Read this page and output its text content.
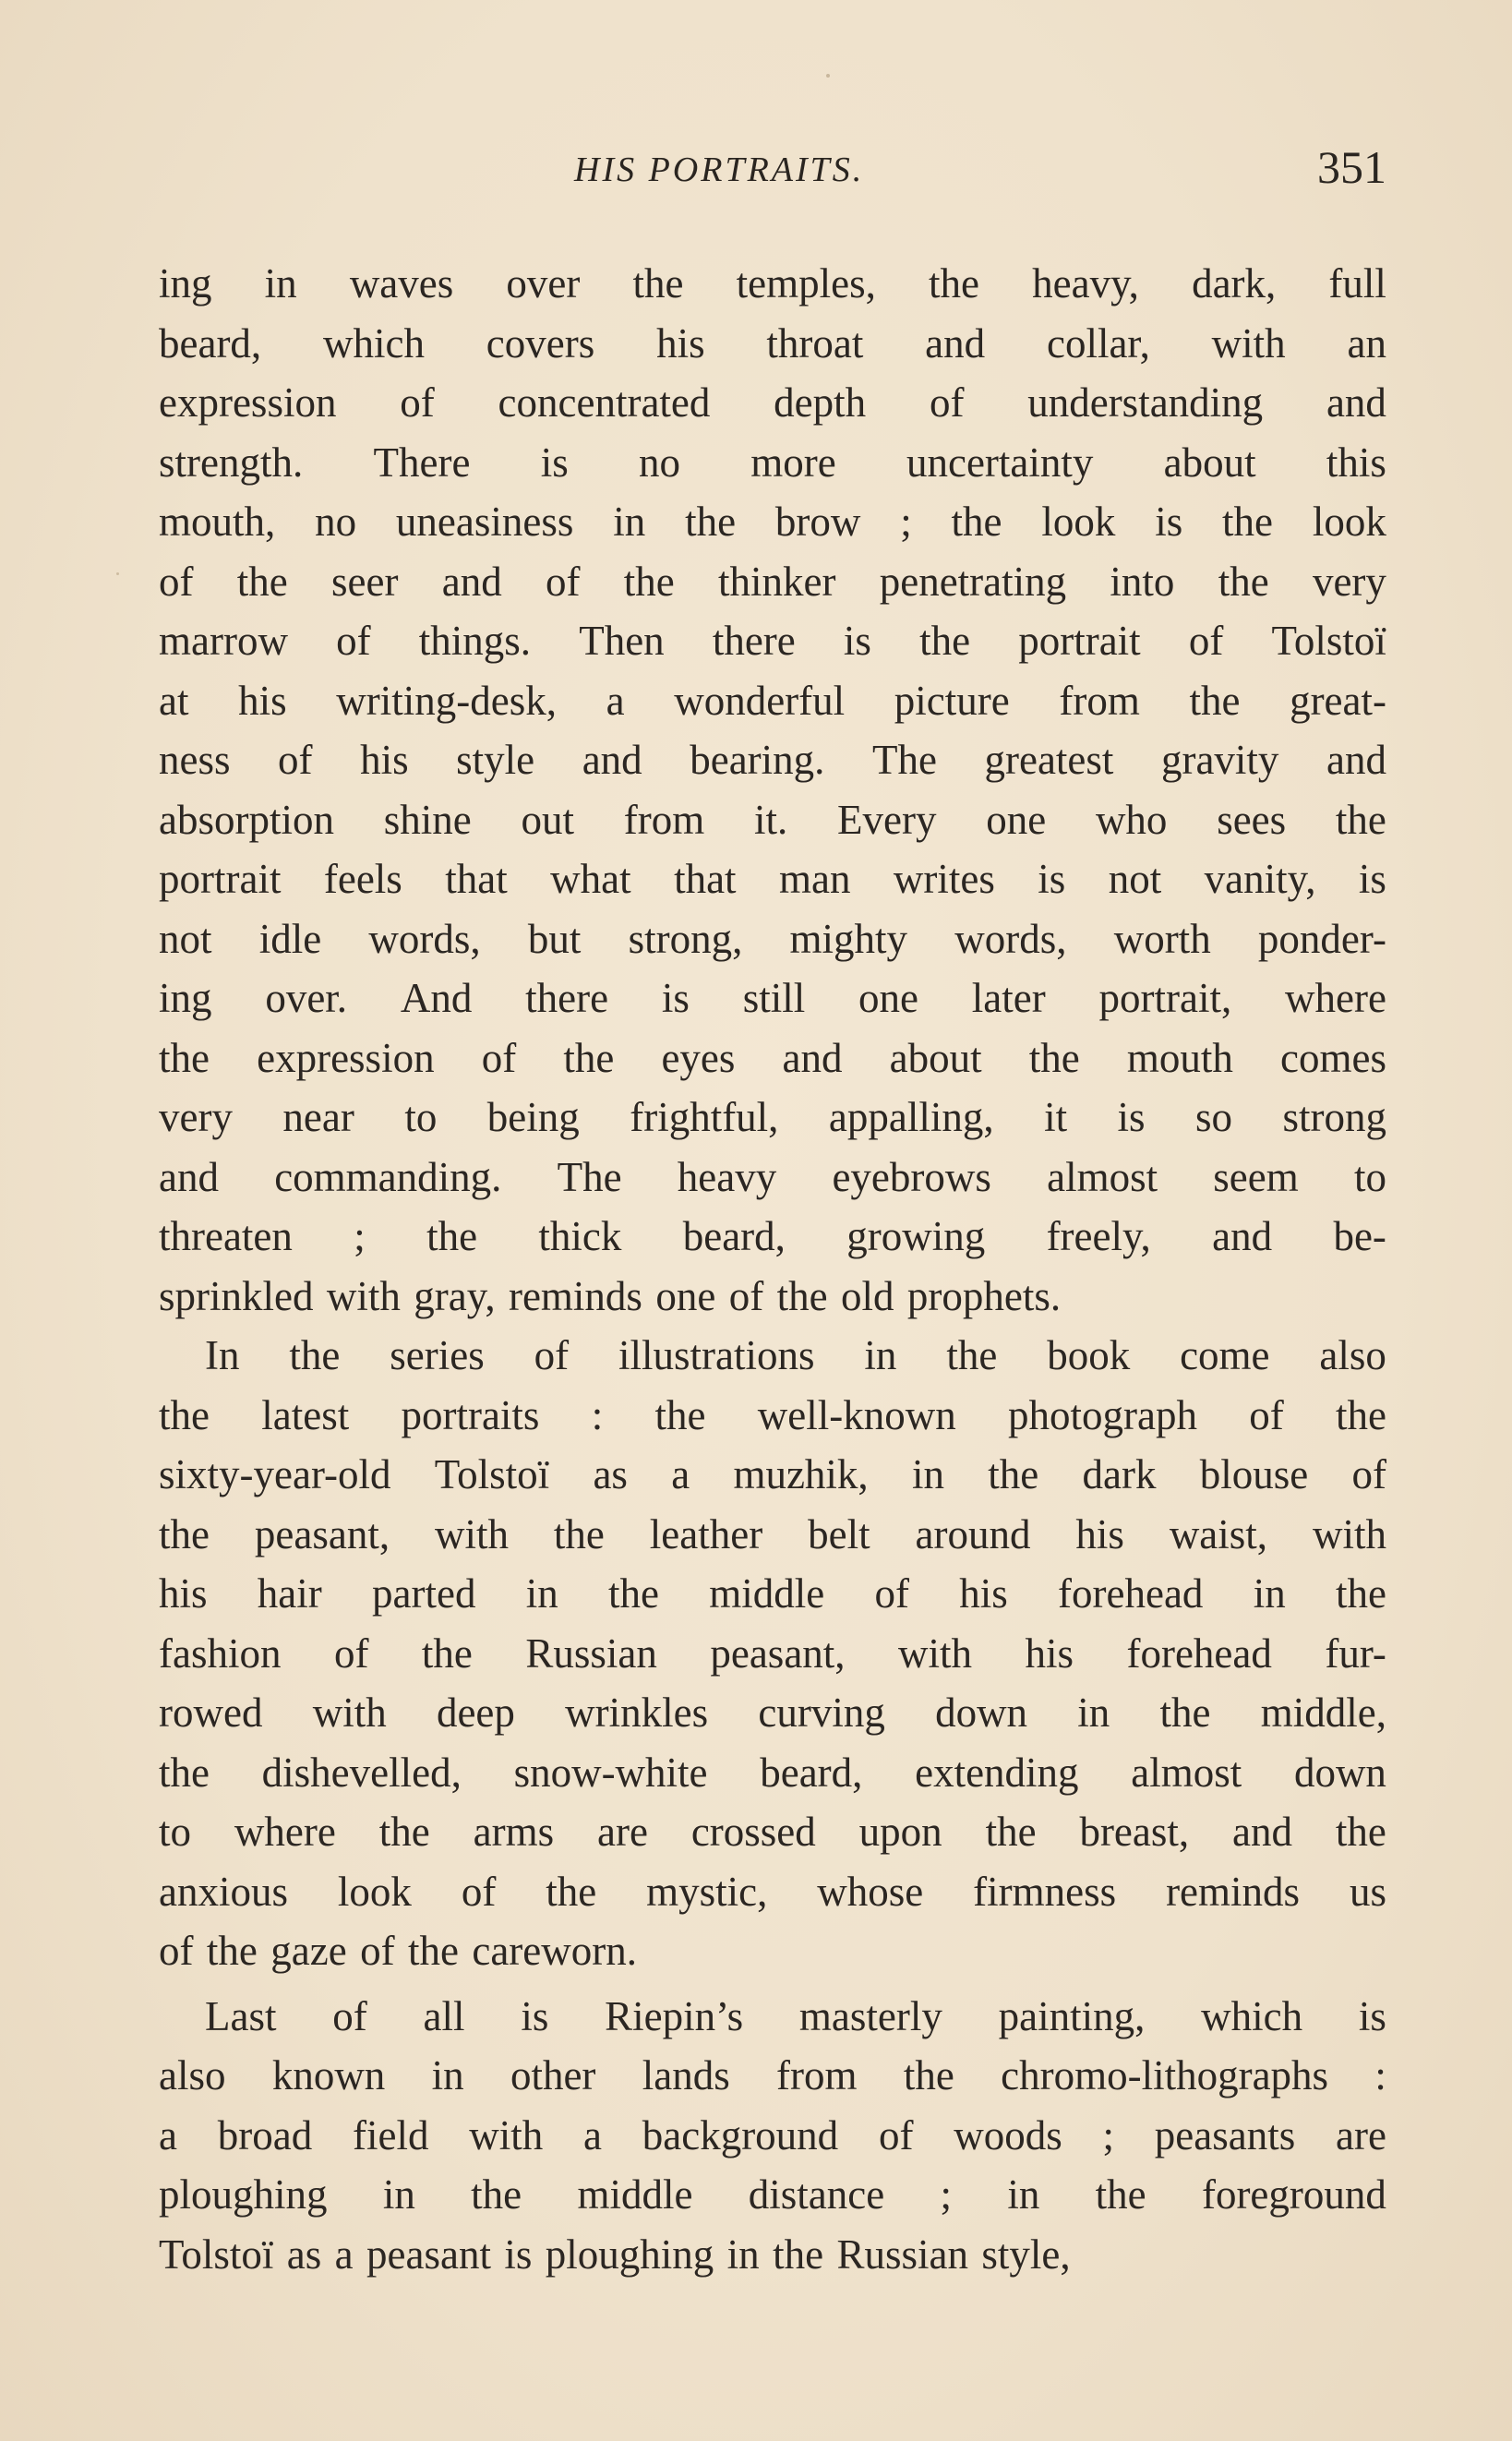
HIS PORTRAITS.	351
ing in waves over the temples, the heavy, dark, full
beard, which covers his throat and collar, with an
expression of concentrated depth of understanding and
strength. There is no more uncertainty about this
mouth, no uneasiness in the brow ; the look is the look
of the seer and of the thinker penetrating into the very
marrow of things. Then there is the portrait of Tolstoï
at his writing-desk, a wonderful picture from the great-
ness of his style and bearing. The greatest gravity and
absorption shine out from it. Every one who sees the
portrait feels that what that man writes is not vanity, is
not idle words, but strong, mighty words, worth ponder-
ing over. And there is still one later portrait, where
the expression of the eyes and about the mouth comes
very near to being frightful, appalling, it is so strong
and commanding. The heavy eyebrows almost seem to
threaten ; the thick beard, growing freely, and be-
sprinkled with gray, reminds one of the old prophets.
In the series of illustrations in the book come also
the latest portraits : the well-known photograph of the
sixty-year-old Tolstoï as a muzhik, in the dark blouse of
the peasant, with the leather belt around his waist, with
his hair parted in the middle of his forehead in the
fashion of the Russian peasant, with his forehead fur-
rowed with deep wrinkles curving down in the middle,
the dishevelled, snow-white beard, extending almost down
to where the arms are crossed upon the breast, and the
anxious look of the mystic, whose firmness reminds us
of the gaze of the careworn.
Last of all is Riepin’s masterly painting, which is
also known in other lands from the chromo-lithographs :
a broad field with a background of woods ; peasants are
ploughing in the middle distance ; in the foreground
Tolstoï as a peasant is ploughing in the Russian style,
